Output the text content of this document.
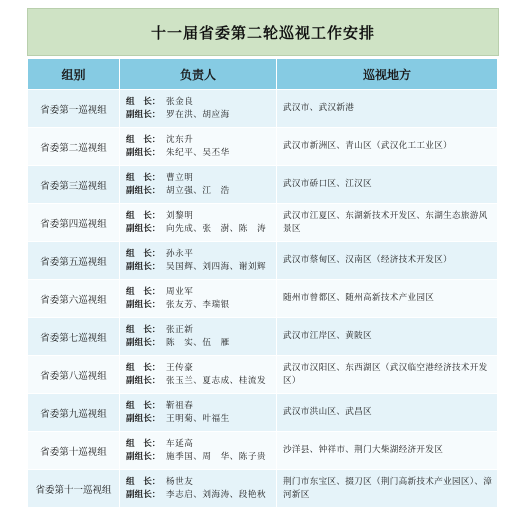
十一届省委第二轮巡视工作安排
组别	负责人	巡视地方
省委第一巡视组	组　长： 张金良
副组长： 罗在洪、胡应海	武汉市、武汉新港
省委第二巡视组	组　长： 沈东升
副组长： 朱纪平、吴丕华	武汉市新洲区、青山区（武汉化工工业区）
省委第三巡视组	组　长： 曹立明
副组长： 胡立强、江　浩	武汉市硚口区、江汉区
省委第四巡视组	组　长： 刘黎明
副组长： 向先成、张　澍、陈　涛	武汉市江夏区、东湖新技术开发区、东湖生态旅游风景区
省委第五巡视组	组　长： 孙永平
副组长： 吴国辉、刘四海、谢刘辉	武汉市蔡甸区、汉南区（经济技术开发区）
省委第六巡视组	组　长： 周业军
副组长： 张友芳、李瑞银	随州市曾都区、随州高新技术产业园区
省委第七巡视组	组　长： 张正新
副组长： 陈　实、伍　雁	武汉市江岸区、黄陂区
省委第八巡视组	组　长： 王传豪
副组长： 张玉兰、夏志成、桂流发	武汉市汉阳区、东西湖区（武汉临空港经济技术开发区）
省委第九巡视组	组　长： 靳祖春
副组长： 王明菊、叶福生	武汉市洪山区、武昌区
省委第十巡视组	组　长： 车延高
副组长： 施季国、周　华、陈子贵	沙洋县、钟祥市、荆门大柴湖经济开发区
省委第十一巡视组	组　长： 杨世友
副组长： 李志启、刘海涛、段艳秋	荆门市东宝区、掇刀区（荆门高新技术产业园区）、漳河新区
